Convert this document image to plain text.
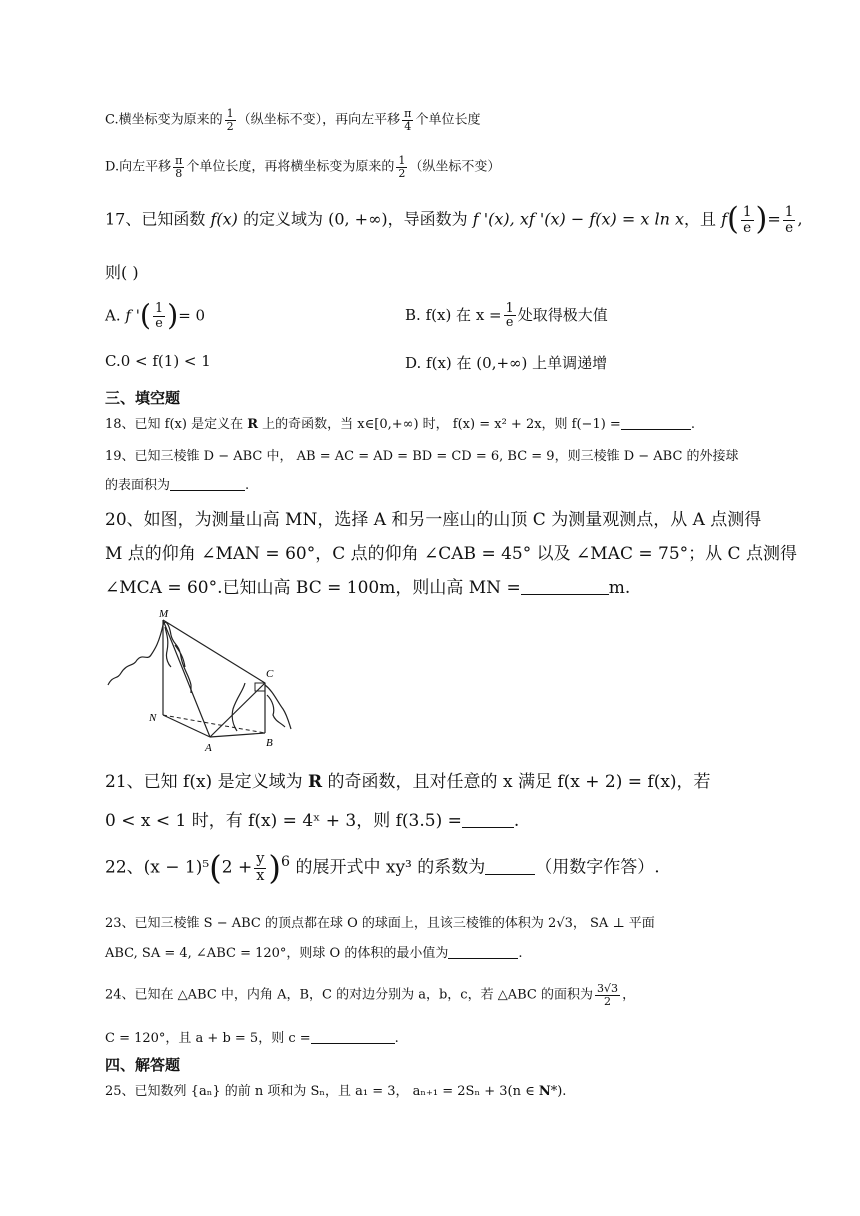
C.横坐标变为原来的 $\frac{1}{2}$ （纵坐标不变），再向左平移 $\frac{\pi}{4}$ 个单位长度
D.向左平移 $\frac{\pi}{8}$ 个单位长度，再将横坐标变为原来的 $\frac{1}{2}$ （纵坐标不变）
17、已知函数 f(x) 的定义域为 (0, +∞)，导函数为 f '(x), xf '(x) − f(x) = x ln x，且 $f( \frac{1}{e}$ )= $\frac{1}{e}$ ,
则( )
A. f '( $\frac{1}{e}$ )= 0	B. f(x) 在 $x = \frac{1}{e}$ 处取得极大值
C.0 < f(1) < 1	D. f(x) 在 (0,+∞) 上单调递增
三、填空题
18、已知 f(x) 是定义在 R 上的奇函数，当 x∈[0,+∞) 时， f(x) = x² + 2x，则 f(−1) =	.
19、已知三棱锥 D − ABC 中， AB = AC = AD = BD = CD = 6, BC = 9，则三棱锥 D − ABC 的外接球
的表面积为	.
20、如图，为测量山高 MN，选择 A 和另一座山的山顶 C 为测量观测点，从 A 点测得
M 点的仰角 ∠MAN = 60°，C 点的仰角 ∠CAB = 45° 以及 ∠MAC = 75°；从 C 点测得
∠MCA = 60°.已知山高 BC = 100m，则山高 MN =	m.
M
C
N
A	B
21、已知 f(x) 是定义域为 R 的奇函数，且对任意的 x 满足 f(x + 2) = f(x)，若
0 < x < 1 时，有 f(x) = 4ˣ + 3，则 f(3.5) =	.
22、$(x - 1)^5(2 + \frac{y}{x} )^6$ 的展开式中 xy³ 的系数为	（用数字作答）.
23、已知三棱锥 S − ABC 的顶点都在球 O 的球面上，且该三棱锥的体积为 2√3， SA ⊥ 平面
ABC, SA = 4, ∠ABC = 120°，则球 O 的体积的最小值为	.
24、已知在 △ABC 中，内角 A，B，C 的对边分别为 a，b，c，若 △ABC 的面积为 $\frac{3√3}{2}$ ，
C = 120°，且 a + b = 5，则 c =	.
四、解答题
25、已知数列 {aₙ} 的前 n 项和为 Sₙ，且 a₁ = 3， aₙ₊₁ = 2Sₙ + 3(n ∈ N*).
